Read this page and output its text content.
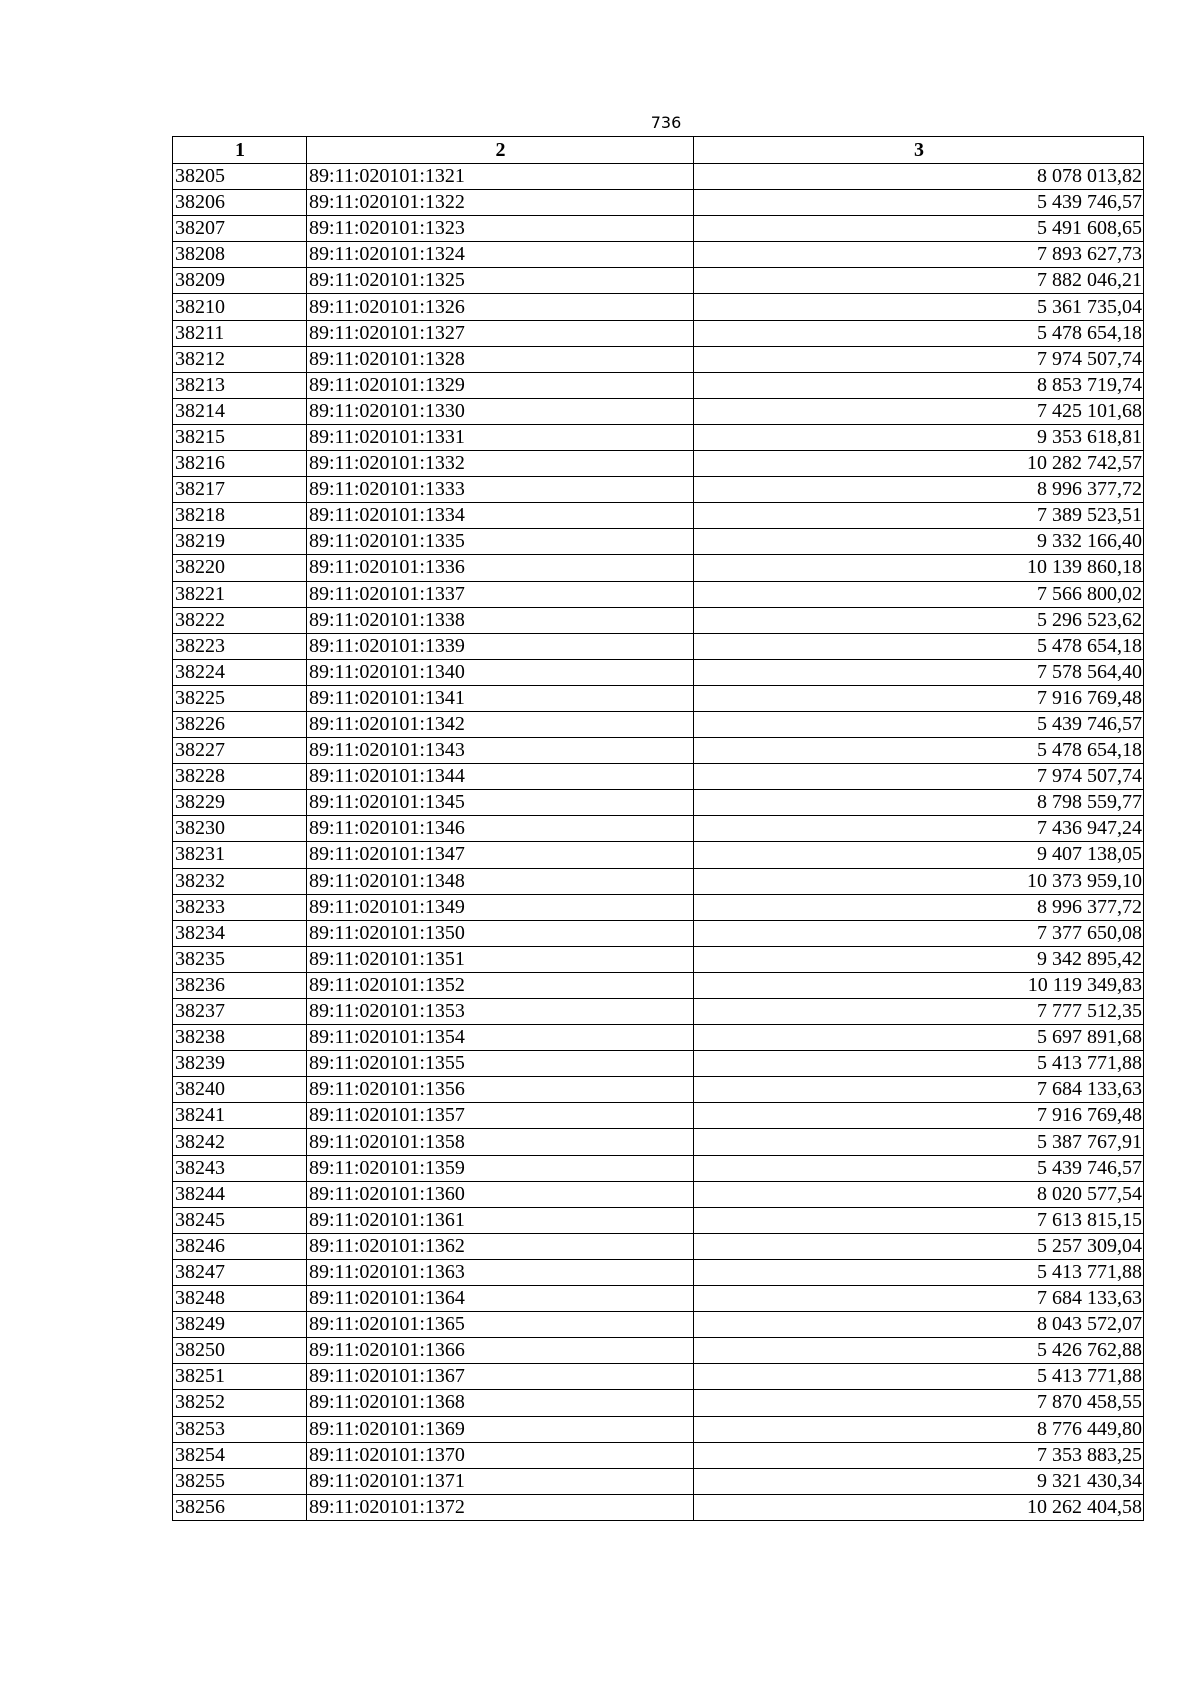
736
1	2	3
38205	89:11:020101:1321	8 078 013,82
38206	89:11:020101:1322	5 439 746,57
38207	89:11:020101:1323	5 491 608,65
38208	89:11:020101:1324	7 893 627,73
38209	89:11:020101:1325	7 882 046,21
38210	89:11:020101:1326	5 361 735,04
38211	89:11:020101:1327	5 478 654,18
38212	89:11:020101:1328	7 974 507,74
38213	89:11:020101:1329	8 853 719,74
38214	89:11:020101:1330	7 425 101,68
38215	89:11:020101:1331	9 353 618,81
38216	89:11:020101:1332	10 282 742,57
38217	89:11:020101:1333	8 996 377,72
38218	89:11:020101:1334	7 389 523,51
38219	89:11:020101:1335	9 332 166,40
38220	89:11:020101:1336	10 139 860,18
38221	89:11:020101:1337	7 566 800,02
38222	89:11:020101:1338	5 296 523,62
38223	89:11:020101:1339	5 478 654,18
38224	89:11:020101:1340	7 578 564,40
38225	89:11:020101:1341	7 916 769,48
38226	89:11:020101:1342	5 439 746,57
38227	89:11:020101:1343	5 478 654,18
38228	89:11:020101:1344	7 974 507,74
38229	89:11:020101:1345	8 798 559,77
38230	89:11:020101:1346	7 436 947,24
38231	89:11:020101:1347	9 407 138,05
38232	89:11:020101:1348	10 373 959,10
38233	89:11:020101:1349	8 996 377,72
38234	89:11:020101:1350	7 377 650,08
38235	89:11:020101:1351	9 342 895,42
38236	89:11:020101:1352	10 119 349,83
38237	89:11:020101:1353	7 777 512,35
38238	89:11:020101:1354	5 697 891,68
38239	89:11:020101:1355	5 413 771,88
38240	89:11:020101:1356	7 684 133,63
38241	89:11:020101:1357	7 916 769,48
38242	89:11:020101:1358	5 387 767,91
38243	89:11:020101:1359	5 439 746,57
38244	89:11:020101:1360	8 020 577,54
38245	89:11:020101:1361	7 613 815,15
38246	89:11:020101:1362	5 257 309,04
38247	89:11:020101:1363	5 413 771,88
38248	89:11:020101:1364	7 684 133,63
38249	89:11:020101:1365	8 043 572,07
38250	89:11:020101:1366	5 426 762,88
38251	89:11:020101:1367	5 413 771,88
38252	89:11:020101:1368	7 870 458,55
38253	89:11:020101:1369	8 776 449,80
38254	89:11:020101:1370	7 353 883,25
38255	89:11:020101:1371	9 321 430,34
38256	89:11:020101:1372	10 262 404,58
